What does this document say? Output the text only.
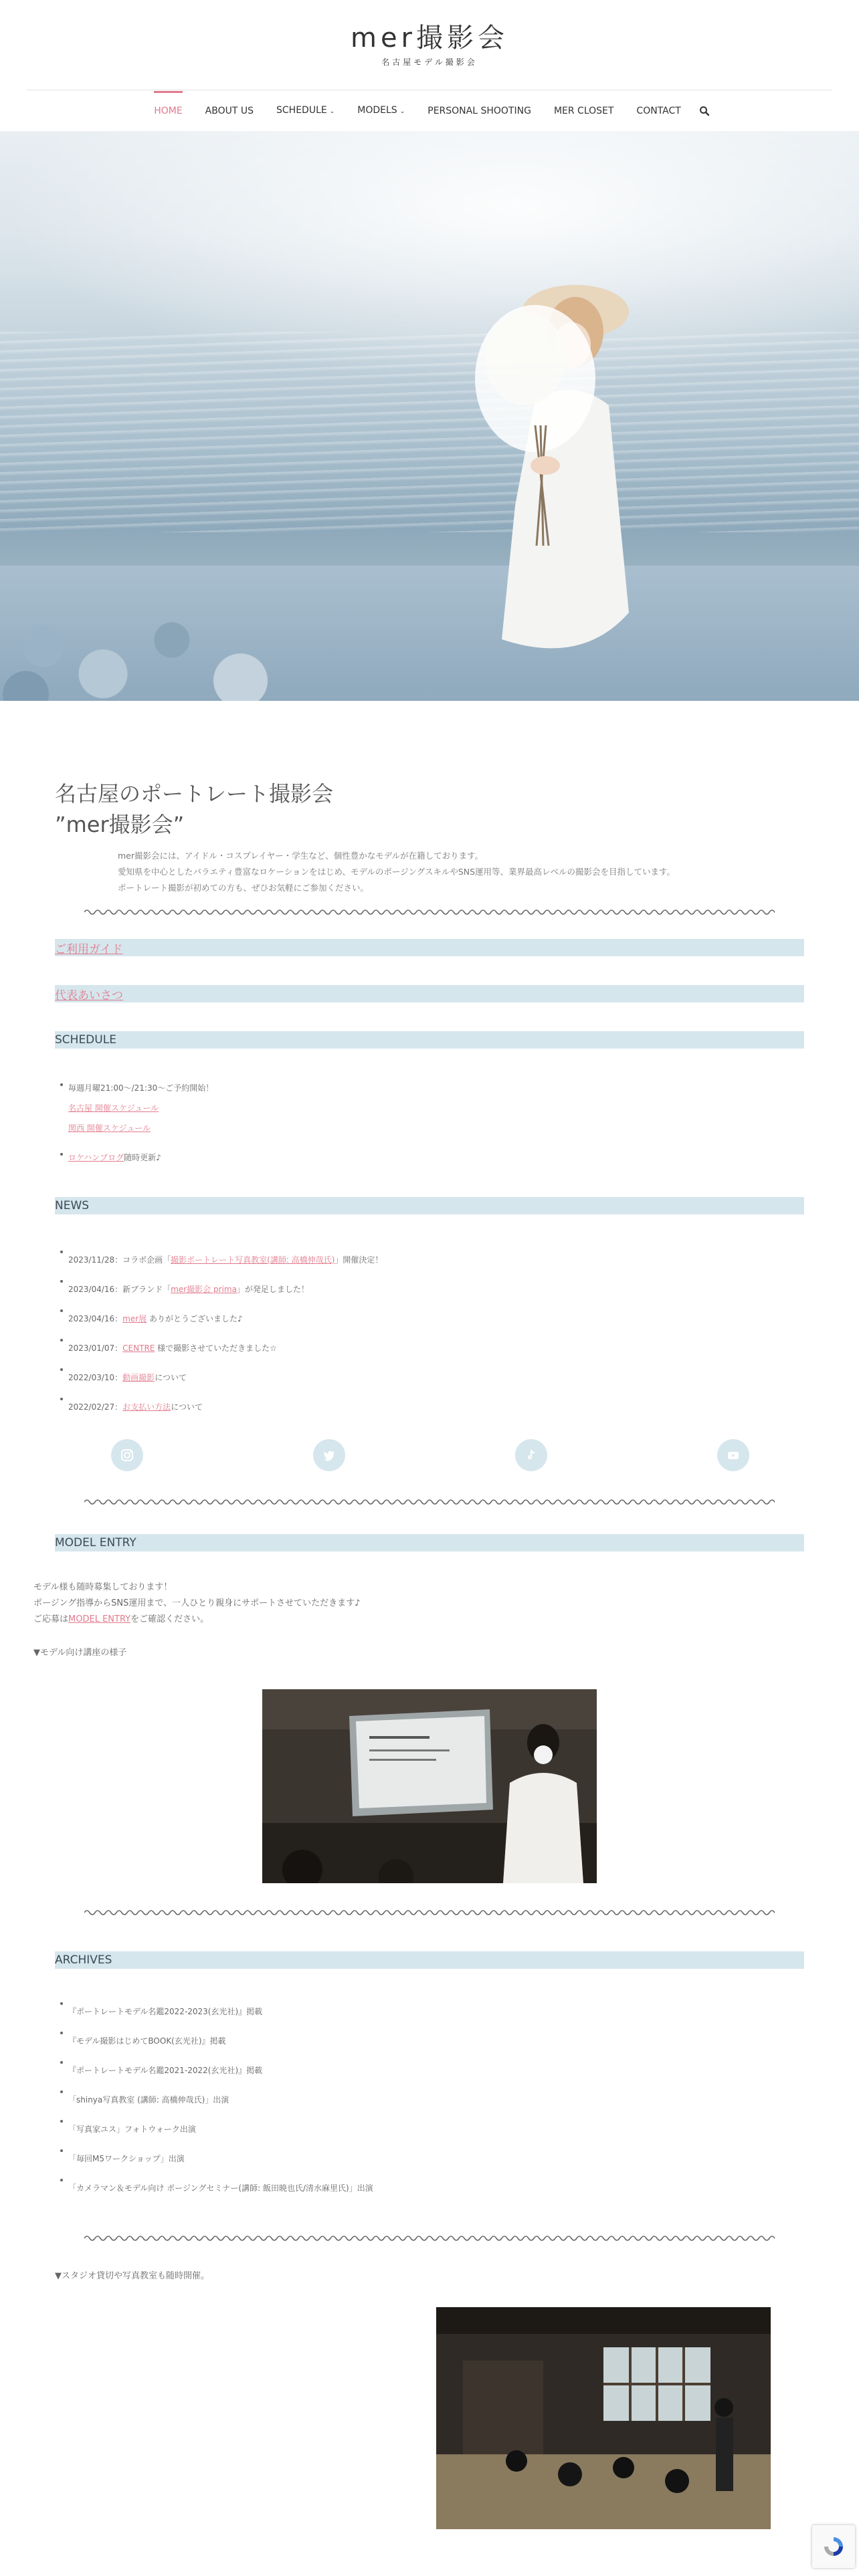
mer撮影会
名古屋モデル撮影会
HOME	ABOUT US	SCHEDULE ⌄	MODELS ⌄	PERSONAL SHOOTING	MER CLOSET	CONTACT
名古屋のポートレート撮影会
”mer撮影会”
mer撮影会には、アイドル・コスプレイヤー・学生など、個性豊かなモデルが在籍しております。
愛知県を中心としたバラエティ豊富なロケーションをはじめ、モデルのポージングスキルやSNS運用等、業界最高レベルの撮影会を目指しています。
ポートレート撮影が初めての方も、ぜひお気軽にご参加ください。
ご利用ガイド
代表あいさつ
SCHEDULE
毎週月曜21:00〜/21:30〜ご予約開始！
名古屋 開催スケジュール
関西 開催スケジュール
ロケハンブログ随時更新♪
NEWS
2023/11/28：コラボ企画「撮影ポートレート写真教室(講師: 高橋伸哉氏)」開催決定！
2023/04/16：新ブランド「mer撮影会 prima」が発足しました！
2023/04/16：mer展 ありがとうございました♪
2023/01/07：CENTRE 様で撮影させていただきました☆
2022/03/10：動画撮影について
2022/02/27：お支払い方法について
MODEL ENTRY
モデル様も随時募集しております！
ポージング指導からSNS運用まで、一人ひとり親身にサポートさせていただきます♪
ご応募はMODEL ENTRYをご確認ください。
▼モデル向け講座の様子
ARCHIVES
『ポートレートモデル名鑑2022-2023(玄光社)』掲載
『モデル撮影はじめてBOOK(玄光社)』掲載
『ポートレートモデル名鑑2021-2022(玄光社)』掲載
「shinya写真教室 (講師: 高橋伸哉氏)」出演
「写真家ユス」フォトウォーク出演
「毎回M5ワークショップ」出演
「カメラマン＆モデル向け ポージングセミナー(講師: 飯田暁也氏/清水麻里氏)」出演
▼スタジオ貸切や写真教室も随時開催。
